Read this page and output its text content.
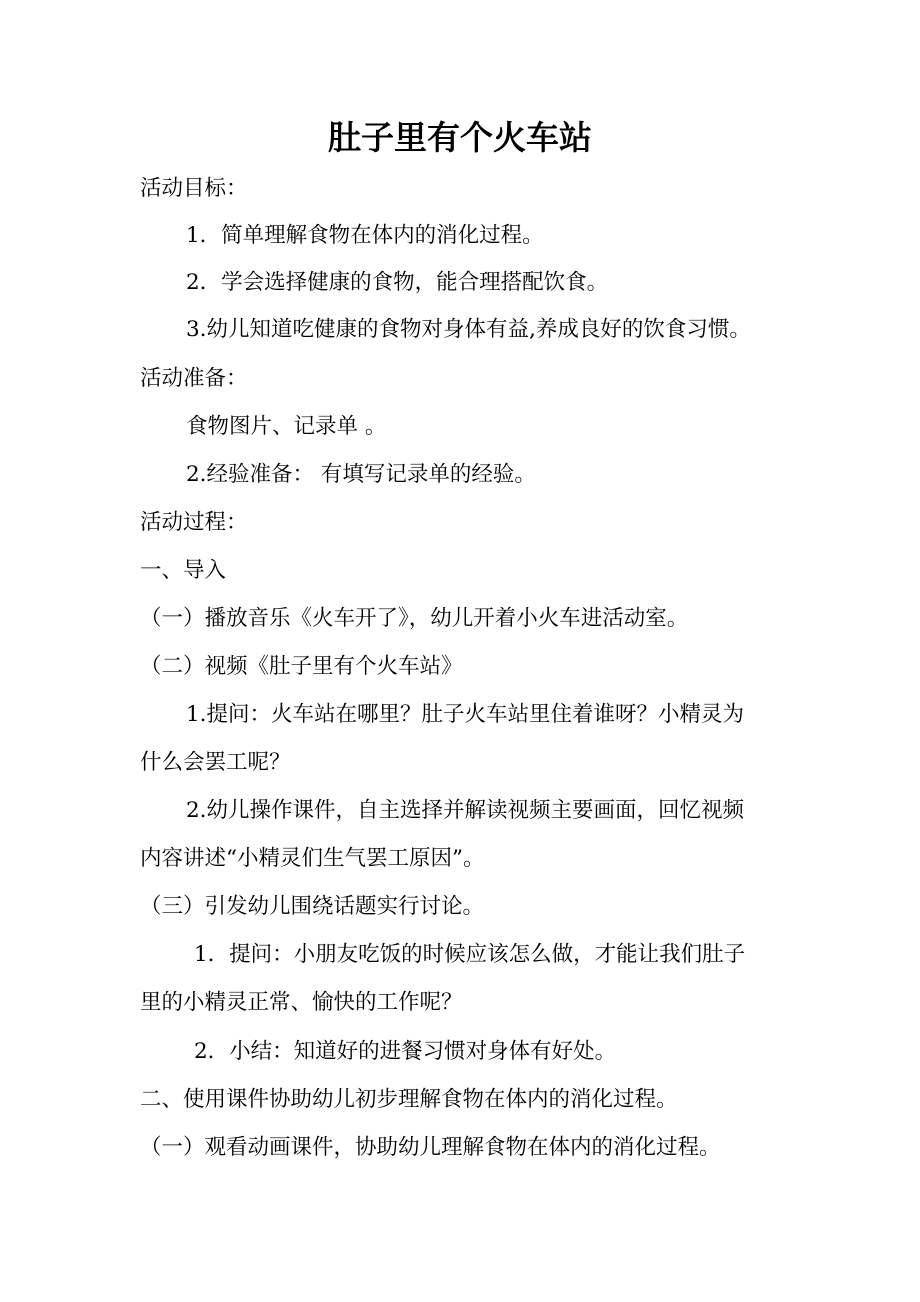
肚子里有个火车站

活动目标：

1．简单理解食物在体内的消化过程。

2．学会选择健康的食物，能合理搭配饮食。

3.幼儿知道吃健康的食物对身体有益,养成良好的饮食习惯。

活动准备：

食物图片、记录单 。

2.经验准备： 有填写记录单的经验。

活动过程：

一、导入

（一）播放音乐《火车开了》，幼儿开着小火车进活动室。

（二）视频《肚子里有个火车站》

1.提问：火车站在哪里？肚子火车站里住着谁呀？小精灵为

什么会罢工呢？

2.幼儿操作课件，自主选择并解读视频主要画面，回忆视频

内容讲述“小精灵们生气罢工原因”。

（三）引发幼儿围绕话题实行讨论。

1．提问：小朋友吃饭的时候应该怎么做，才能让我们肚子

里的小精灵正常、愉快的工作呢？

2．小结：知道好的进餐习惯对身体有好处。

二、使用课件协助幼儿初步理解食物在体内的消化过程。

（一）观看动画课件，协助幼儿理解食物在体内的消化过程。
